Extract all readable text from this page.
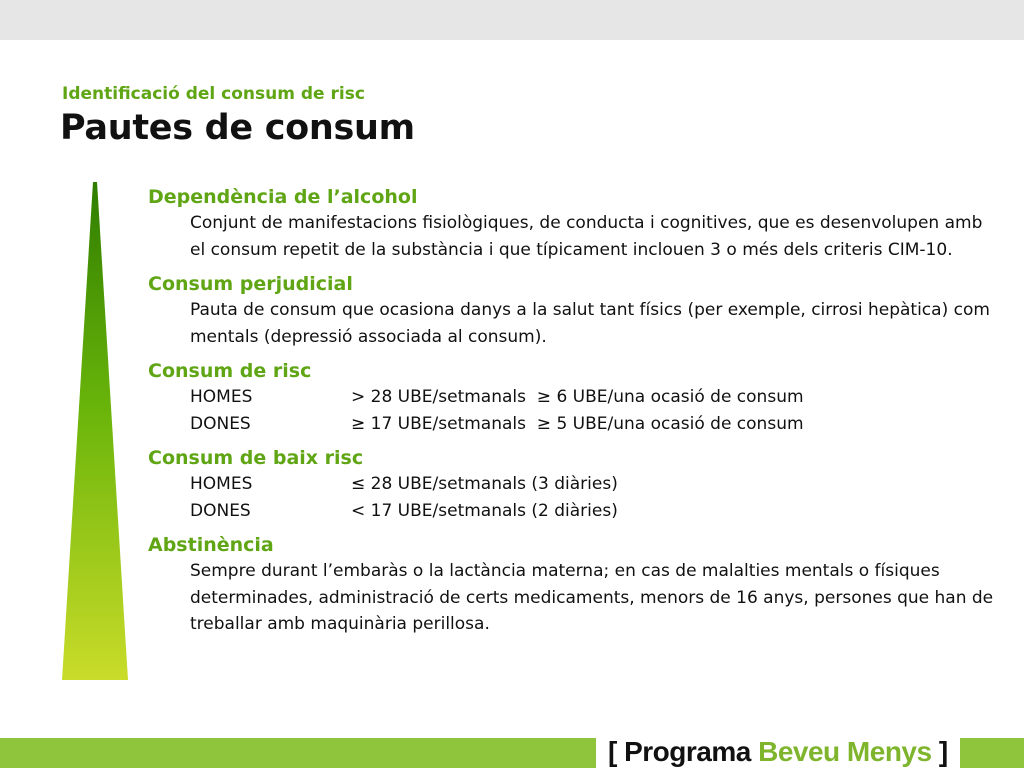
Identificació del consum de risc
Pautes de consum
Dependència de l’alcohol
Conjunt de manifestacions fisiològiques, de conducta i cognitives, que es desenvolupen amb el consum repetit de la substància i que típicament inclouen 3 o més dels criteris CIM-10.
Consum perjudicial
Pauta de consum que ocasiona danys a la salut tant físics (per exemple, cirrosi hepàtica) com mentals (depressió associada al consum).
Consum de risc
HOMES	> 28 UBE/setmanals  ≥ 6 UBE/una ocasió de consum
DONES	≥ 17 UBE/setmanals  ≥ 5 UBE/una ocasió de consum
Consum de baix risc
HOMES	≤ 28 UBE/setmanals (3 diàries)
DONES	< 17 UBE/setmanals (2 diàries)
Abstinència
Sempre durant l’embaràs o la lactància materna; en cas de malalties mentals o físiques determinades, administració de certs medicaments, menors de 16 anys, persones que han de treballar amb maquinària perillosa.
[ Programa Beveu Menys ]
